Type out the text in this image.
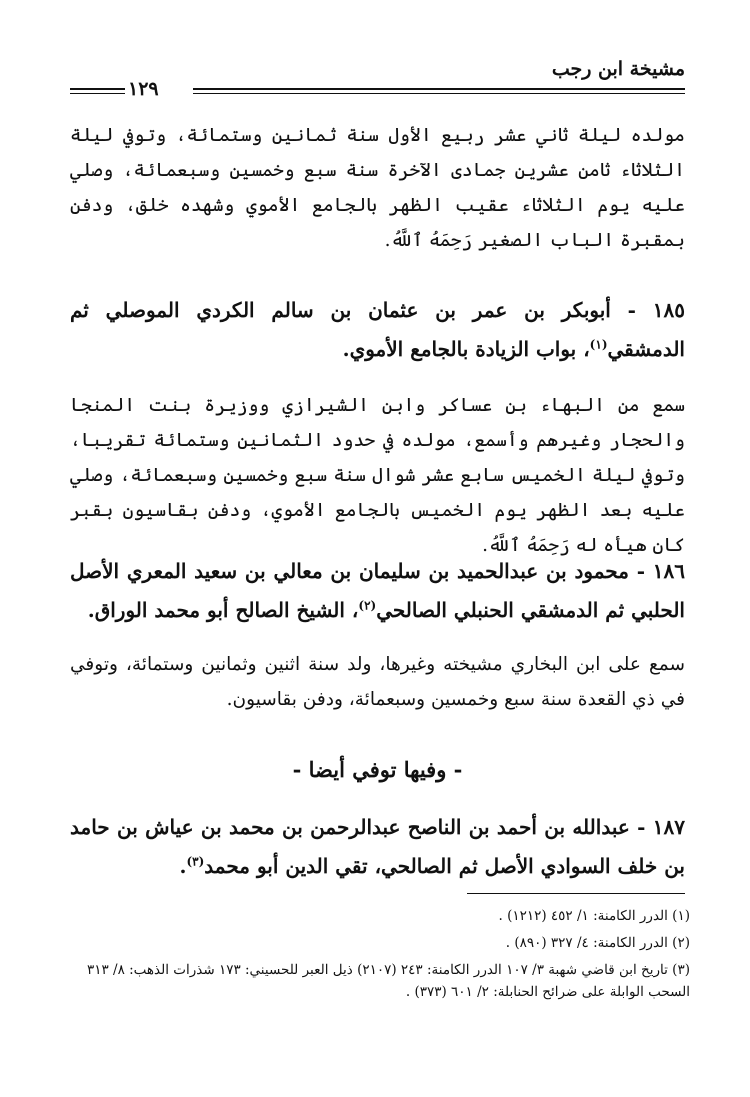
مشيخة ابن رجب
١٢٩
مولده ليلة ثاني عشر ربيع الأول سنة ثمانين وستمائة، وتوفي ليلة الثلاثاء ثامن عشرين جمادى الآخرة سنة سبع وخمسين وسبعمائة، وصلي عليه يوم الثلاثاء عقيب الظهر بالجامع الأموي وشهده خلق، ودفن بمقبرة الباب الصغير رَحِمَهُ ٱللَّهُ.
١٨٥ - أبوبكر بن عمر بن عثمان بن سالم الكردي الموصلي ثم الدمشقي$^{(١)}$، بواب الزيادة بالجامع الأموي.
سمع من البهاء بن عساكر وابن الشيرازي ووزيرة بنت المنجا والحجار وغيرهم وأسمع، مولده في حدود الثمانين وستمائة تقريبا، وتوفي ليلة الخميس سابع عشر شوال سنة سبع وخمسين وسبعمائة، وصلي عليه بعد الظهر يوم الخميس بالجامع الأموي، ودفن بقاسيون بقبر كان هيأه له رَحِمَهُ ٱللَّهُ.
١٨٦ - محمود بن عبدالحميد بن سليمان بن معالي بن سعيد المعري الأصل الحلبي ثم الدمشقي الحنبلي الصالحي$^{(٢)}$، الشيخ الصالح أبو محمد الوراق.
سمع على ابن البخاري مشيخته وغيرها، ولد سنة اثنين وثمانين وستمائة، وتوفي في ذي القعدة سنة سبع وخمسين وسبعمائة، ودفن بقاسيون.
- وفيها توفي أيضا -
١٨٧ - عبدالله بن أحمد بن الناصح عبدالرحمن بن محمد بن عياش بن حامد بن خلف السوادي الأصل ثم الصالحي، تقي الدين أبو محمد$^{(٣)}$.
(١) الدرر الكامنة: ١/ ٤٥٢ (١٢١٢) .
(٢) الدرر الكامنة: ٤/ ٣٢٧ (٨٩٠) .
(٣) تاريخ ابن قاضي شهبة ٣/ ١٠٧ الدرر الكامنة: ٢٤٣ (٢١٠٧) ذيل العبر للحسيني: ١٧٣ شذرات الذهب: ٨/ ٣١٣ السحب الوابلة على ضرائح الحنابلة: ٢/ ٦٠١ (٣٧٣) .
